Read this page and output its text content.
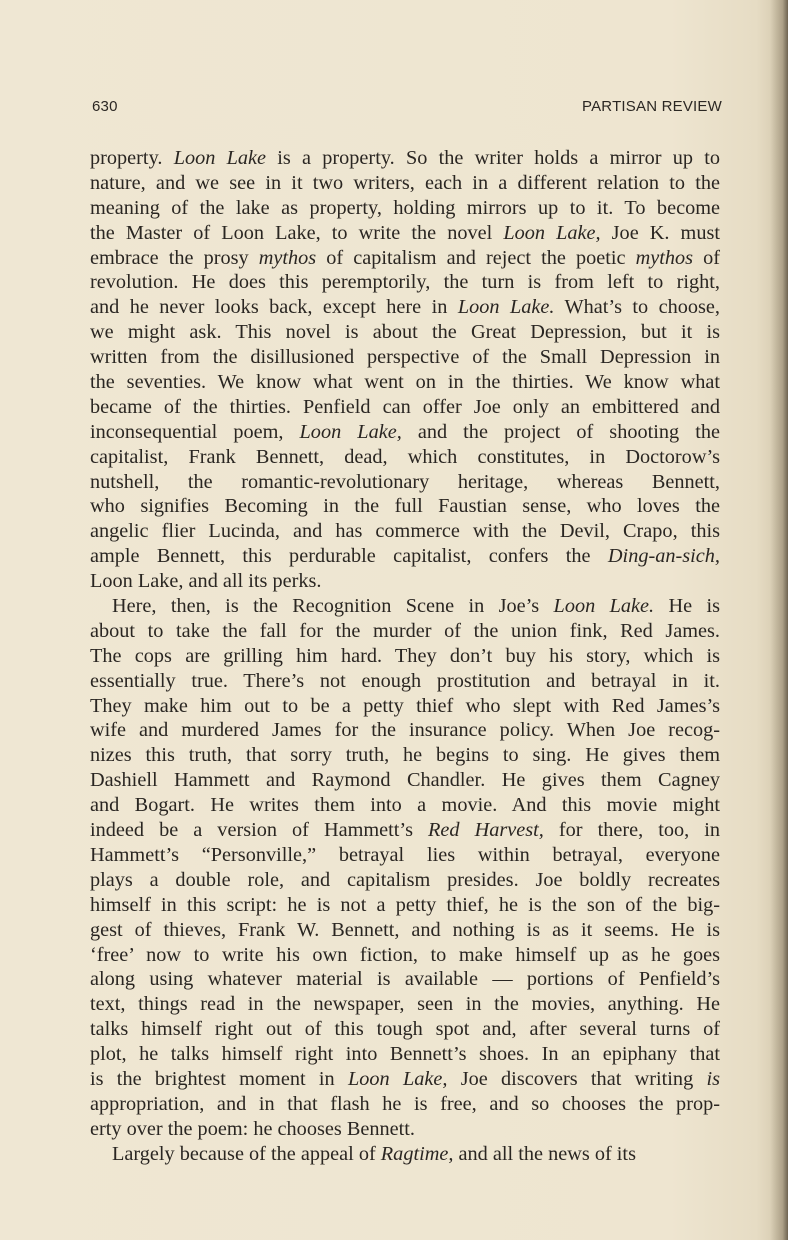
630	PARTISAN REVIEW
property. Loon Lake is a property. So the writer holds a mirror up to
nature, and we see in it two writers, each in a different relation to the
meaning of the lake as property, holding mirrors up to it. To become
the Master of Loon Lake, to write the novel Loon Lake, Joe K. must
embrace the prosy mythos of capitalism and reject the poetic mythos of
revolution. He does this peremptorily, the turn is from left to right,
and he never looks back, except here in Loon Lake. What’s to choose,
we might ask. This novel is about the Great Depression, but it is
written from the disillusioned perspective of the Small Depression in
the seventies. We know what went on in the thirties. We know what
became of the thirties. Penfield can offer Joe only an embittered and
inconsequential poem, Loon Lake, and the project of shooting the
capitalist, Frank Bennett, dead, which constitutes, in Doctorow’s
nutshell, the romantic-revolutionary heritage, whereas Bennett,
who signifies Becoming in the full Faustian sense, who loves the
angelic flier Lucinda, and has commerce with the Devil, Crapo, this
ample Bennett, this perdurable capitalist, confers the Ding-an-sich,
Loon Lake, and all its perks.
Here, then, is the Recognition Scene in Joe’s Loon Lake. He is
about to take the fall for the murder of the union fink, Red James.
The cops are grilling him hard. They don’t buy his story, which is
essentially true. There’s not enough prostitution and betrayal in it.
They make him out to be a petty thief who slept with Red James’s
wife and murdered James for the insurance policy. When Joe recog-
nizes this truth, that sorry truth, he begins to sing. He gives them
Dashiell Hammett and Raymond Chandler. He gives them Cagney
and Bogart. He writes them into a movie. And this movie might
indeed be a version of Hammett’s Red Harvest, for there, too, in
Hammett’s “Personville,” betrayal lies within betrayal, everyone
plays a double role, and capitalism presides. Joe boldly recreates
himself in this script: he is not a petty thief, he is the son of the big-
gest of thieves, Frank W. Bennett, and nothing is as it seems. He is
‘free’ now to write his own fiction, to make himself up as he goes
along using whatever material is available — portions of Penfield’s
text, things read in the newspaper, seen in the movies, anything. He
talks himself right out of this tough spot and, after several turns of
plot, he talks himself right into Bennett’s shoes. In an epiphany that
is the brightest moment in Loon Lake, Joe discovers that writing is
appropriation, and in that flash he is free, and so chooses the prop-
erty over the poem: he chooses Bennett.
Largely because of the appeal of Ragtime, and all the news of its
